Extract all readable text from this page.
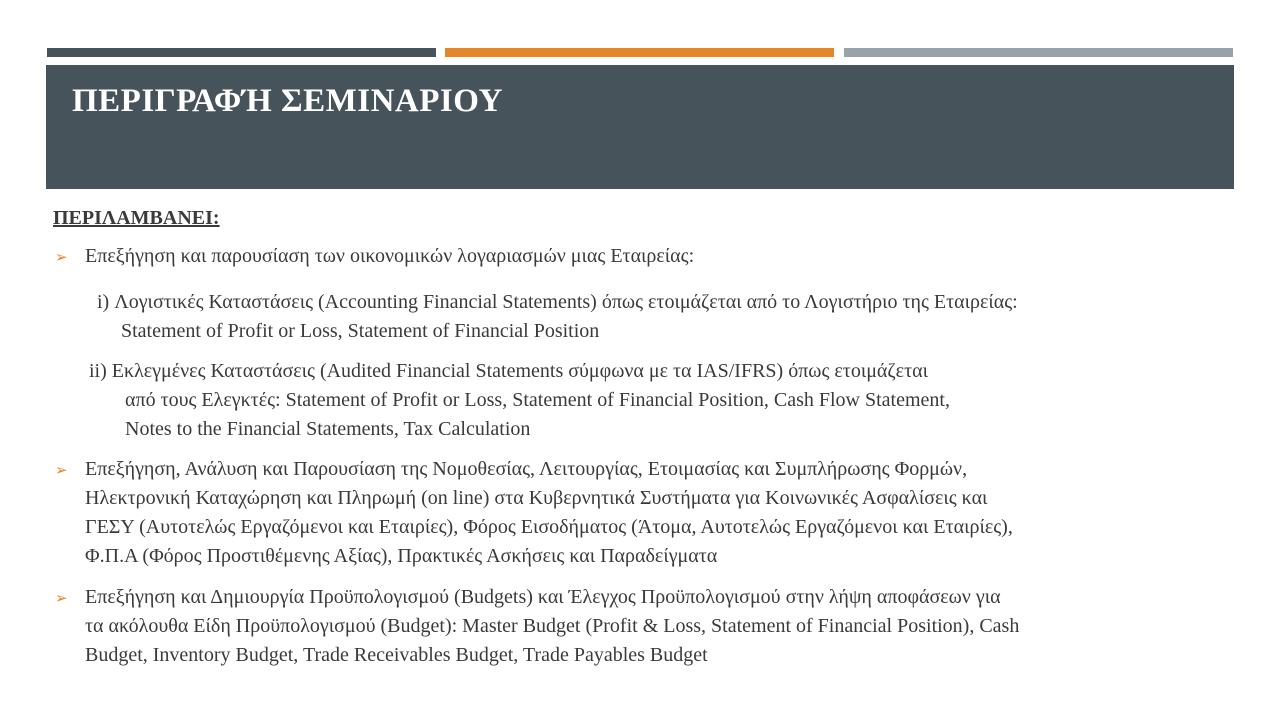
ΠΕΡΙΓΡΑΦΉ ΣΕΜΙΝΑΡΙΟΥ

ΠΕΡΙΛΑΜΒΑΝΕΙ:

➢ Επεξήγηση και παρουσίαση των οικονομικών λογαριασμών μιας Εταιρείας:
i) Λογιστικές Καταστάσεις (Accounting Financial Statements) όπως ετοιμάζεται από το Λογιστήριο της Εταιρείας:
Statement of Profit or Loss, Statement of Financial Position
ii) Εκλεγμένες Καταστάσεις (Audited Financial Statements σύμφωνα με τα IAS/IFRS) όπως ετοιμάζεται
από τους Ελεγκτές: Statement of Profit or Loss, Statement of Financial Position, Cash Flow Statement,
Notes to the Financial Statements, Tax Calculation
➢ Επεξήγηση, Ανάλυση και Παρουσίαση της Νομοθεσίας, Λειτουργίας, Ετοιμασίας και Συμπλήρωσης Φορμών,
Ηλεκτρονική Καταχώρηση και Πληρωμή (on line) στα Κυβερνητικά Συστήματα για Κοινωνικές Ασφαλίσεις και
ΓΕΣΥ (Αυτοτελώς Εργαζόμενοι και Εταιρίες), Φόρος Εισοδήματος (Άτομα, Αυτοτελώς Εργαζόμενοι και Εταιρίες),
Φ.Π.Α (Φόρος Προστιθέμενης Αξίας), Πρακτικές Ασκήσεις και Παραδείγματα
➢ Επεξήγηση και Δημιουργία Προϋπολογισμού (Budgets) και Έλεγχος Προϋπολογισμού στην λήψη αποφάσεων για
τα ακόλουθα Είδη Προϋπολογισμού (Budget): Master Budget (Profit & Loss, Statement of Financial Position), Cash
Budget, Inventory Budget, Trade Receivables Budget, Trade Payables Budget
